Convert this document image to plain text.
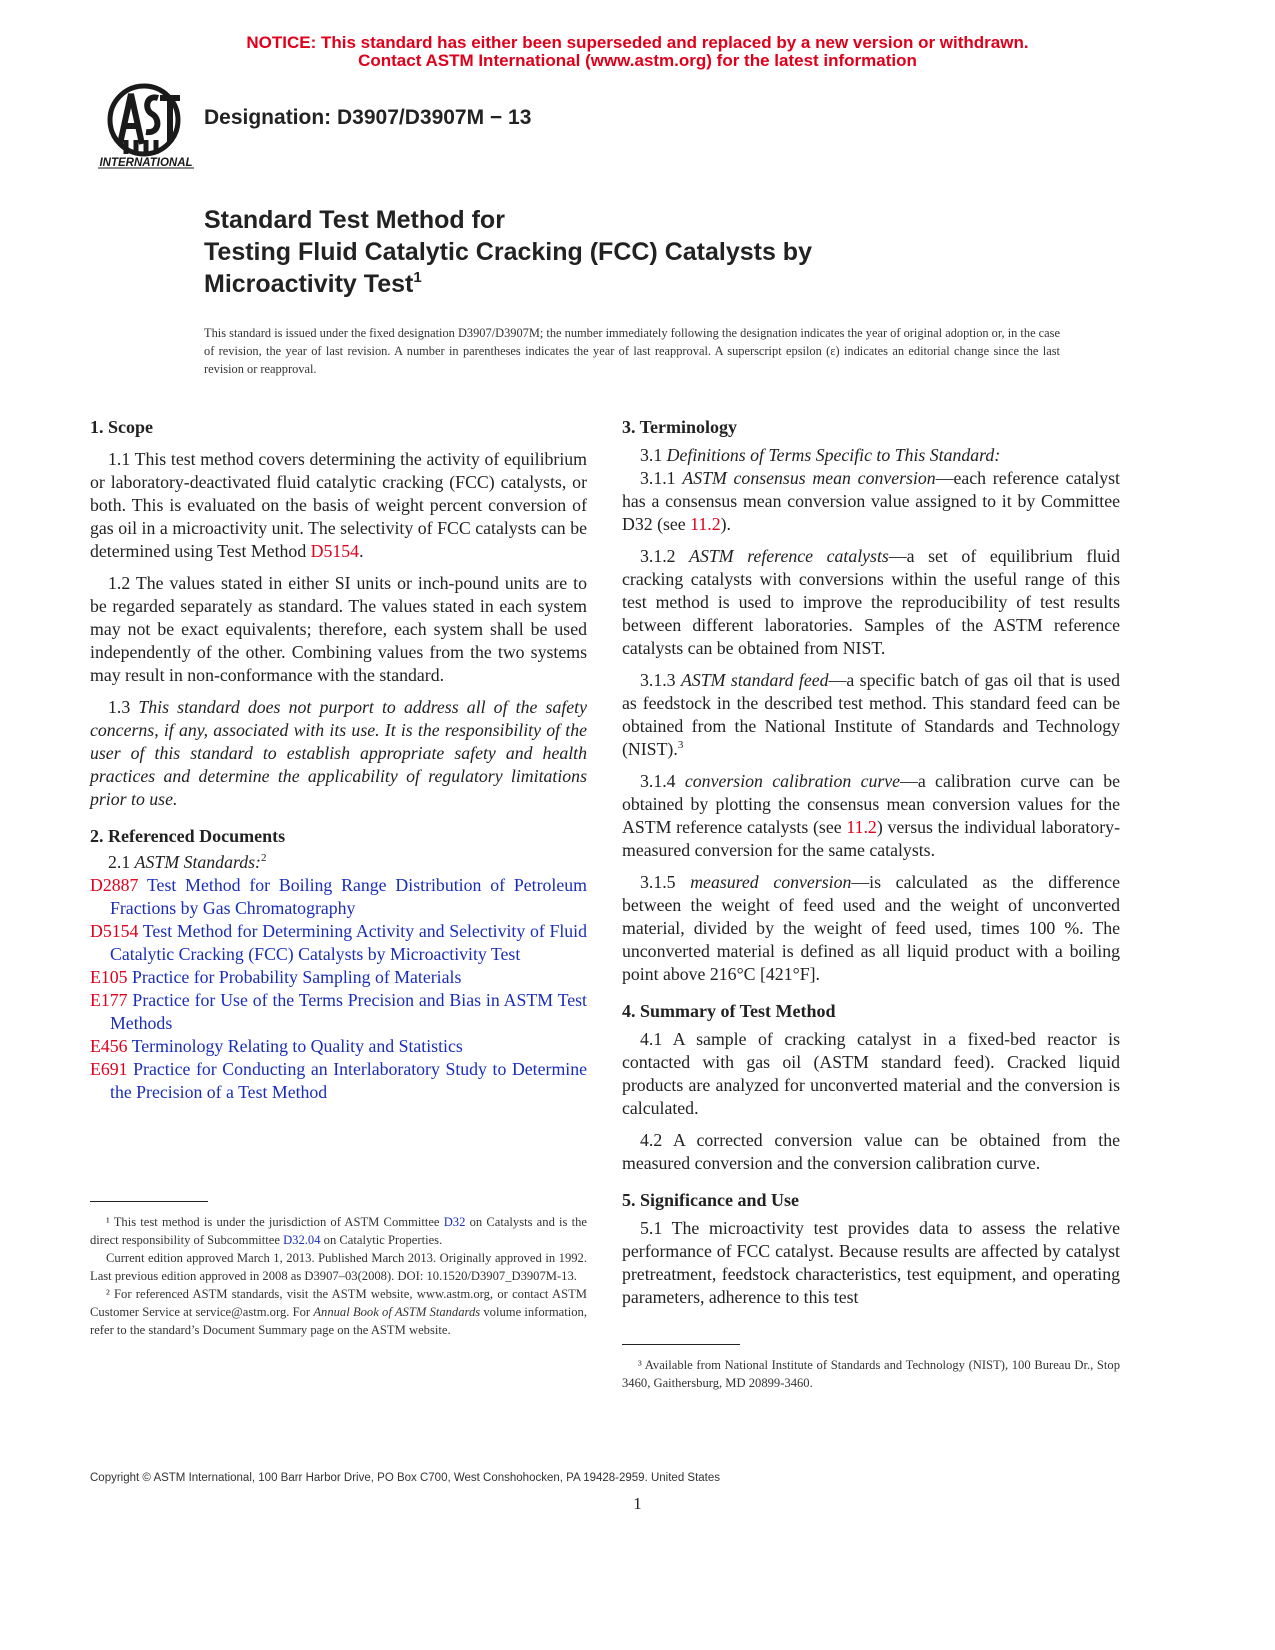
NOTICE: This standard has either been superseded and replaced by a new version or withdrawn.
Contact ASTM International (www.astm.org) for the latest information
INTERNATIONAL
Designation: D3907/D3907M − 13
Standard Test Method for
Testing Fluid Catalytic Cracking (FCC) Catalysts by
Microactivity Test$^1$
This standard is issued under the fixed designation D3907/D3907M; the number immediately following the designation indicates the year of original adoption or, in the case of revision, the year of last revision. A number in parentheses indicates the year of last reapproval. A superscript epsilon (ε) indicates an editorial change since the last revision or reapproval.
1. Scope

1.1 This test method covers determining the activity of equilibrium or laboratory-deactivated fluid catalytic cracking (FCC) catalysts, or both. This is evaluated on the basis of weight percent conversion of gas oil in a microactivity unit. The selectivity of FCC catalysts can be determined using Test Method D5154.

1.2 The values stated in either SI units or inch-pound units are to be regarded separately as standard. The values stated in each system may not be exact equivalents; therefore, each system shall be used independently of the other. Combining values from the two systems may result in non-conformance with the standard.

1.3 This standard does not purport to address all of the safety concerns, if any, associated with its use. It is the responsibility of the user of this standard to establish appropriate safety and health practices and determine the applicability of regulatory limitations prior to use.

2. Referenced Documents

2.1 ASTM Standards:$^2$

D2887 Test Method for Boiling Range Distribution of Petroleum Fractions by Gas Chromatography
D5154 Test Method for Determining Activity and Selectivity of Fluid Catalytic Cracking (FCC) Catalysts by Microactivity Test
E105 Practice for Probability Sampling of Materials
E177 Practice for Use of the Terms Precision and Bias in ASTM Test Methods
E456 Terminology Relating to Quality and Statistics
E691 Practice for Conducting an Interlaboratory Study to Determine the Precision of a Test Method

¹ This test method is under the jurisdiction of ASTM Committee D32 on Catalysts and is the direct responsibility of Subcommittee D32.04 on Catalytic Properties.

Current edition approved March 1, 2013. Published March 2013. Originally approved in 1992. Last previous edition approved in 2008 as D3907–03(2008). DOI: 10.1520/D3907_D3907M-13.

² For referenced ASTM standards, visit the ASTM website, www.astm.org, or contact ASTM Customer Service at service@astm.org. For Annual Book of ASTM Standards volume information, refer to the standard’s Document Summary page on the ASTM website.

3. Terminology

3.1 Definitions of Terms Specific to This Standard:

3.1.1 ASTM consensus mean conversion—each reference catalyst has a consensus mean conversion value assigned to it by Committee D32 (see 11.2).

3.1.2 ASTM reference catalysts—a set of equilibrium fluid cracking catalysts with conversions within the useful range of this test method is used to improve the reproducibility of test results between different laboratories. Samples of the ASTM reference catalysts can be obtained from NIST.

3.1.3 ASTM standard feed—a specific batch of gas oil that is used as feedstock in the described test method. This standard feed can be obtained from the National Institute of Standards and Technology (NIST).$^3$

3.1.4 conversion calibration curve—a calibration curve can be obtained by plotting the consensus mean conversion values for the ASTM reference catalysts (see 11.2) versus the individual laboratory-measured conversion for the same catalysts.

3.1.5 measured conversion—is calculated as the difference between the weight of feed used and the weight of unconverted material, divided by the weight of feed used, times 100 %. The unconverted material is defined as all liquid product with a boiling point above 216°C [421°F].

4. Summary of Test Method

4.1 A sample of cracking catalyst in a fixed-bed reactor is contacted with gas oil (ASTM standard feed). Cracked liquid products are analyzed for unconverted material and the conversion is calculated.

4.2 A corrected conversion value can be obtained from the measured conversion and the conversion calibration curve.

5. Significance and Use

5.1 The microactivity test provides data to assess the relative performance of FCC catalyst. Because results are affected by catalyst pretreatment, feedstock characteristics, test equipment, and operating parameters, adherence to this test

³ Available from National Institute of Standards and Technology (NIST), 100 Bureau Dr., Stop 3460, Gaithersburg, MD 20899-3460.

Copyright © ASTM International, 100 Barr Harbor Drive, PO Box C700, West Conshohocken, PA 19428-2959. United States
1
